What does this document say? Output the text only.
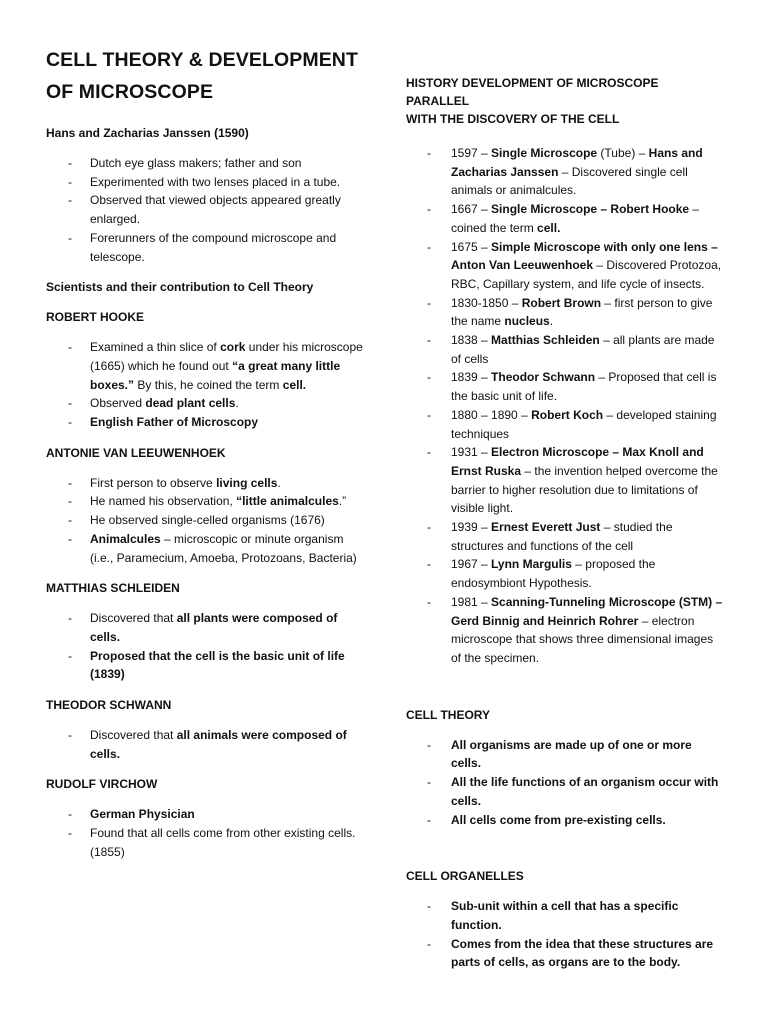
CELL THEORY & DEVELOPMENT
OF MICROSCOPE
Hans and Zacharias Janssen (1590)
- Dutch eye glass makers; father and son
- Experimented with two lenses placed in a tube.
- Observed that viewed objects appeared greatly enlarged.
- Forerunners of the compound microscope and telescope.
Scientists and their contribution to Cell Theory
ROBERT HOOKE
- Examined a thin slice of cork under his microscope (1665) which he found out “a great many little boxes.” By this, he coined the term cell.
- Observed dead plant cells.
- English Father of Microscopy
ANTONIE VAN LEEUWENHOEK
- First person to observe living cells.
- He named his observation, “little animalcules.”
- He observed single-celled organisms (1676)
- Animalcules – microscopic or minute organism (i.e., Paramecium, Amoeba, Protozoans, Bacteria)
MATTHIAS SCHLEIDEN
- Discovered that all plants were composed of cells.
- Proposed that the cell is the basic unit of life (1839)
THEODOR SCHWANN
- Discovered that all animals were composed of cells.
RUDOLF VIRCHOW
- German Physician
- Found that all cells come from other existing cells. (1855)
HISTORY DEVELOPMENT OF MICROSCOPE PARALLEL
WITH THE DISCOVERY OF THE CELL
- 1597 – Single Microscope (Tube) – Hans and Zacharias Janssen – Discovered single cell animals or animalcules.
- 1667 – Single Microscope – Robert Hooke – coined the term cell.
- 1675 – Simple Microscope with only one lens – Anton Van Leeuwenhoek – Discovered Protozoa, RBC, Capillary system, and life cycle of insects.
- 1830-1850 – Robert Brown – first person to give the name nucleus.
- 1838 – Matthias Schleiden – all plants are made of cells
- 1839 – Theodor Schwann – Proposed that cell is the basic unit of life.
- 1880 – 1890 – Robert Koch – developed staining techniques
- 1931 – Electron Microscope – Max Knoll and Ernst Ruska – the invention helped overcome the barrier to higher resolution due to limitations of visible light.
- 1939 – Ernest Everett Just – studied the structures and functions of the cell
- 1967 – Lynn Margulis – proposed the endosymbiont Hypothesis.
- 1981 – Scanning-Tunneling Microscope (STM) – Gerd Binnig and Heinrich Rohrer – electron microscope that shows three dimensional images of the specimen.
CELL THEORY
- All organisms are made up of one or more cells.
- All the life functions of an organism occur with cells.
- All cells come from pre-existing cells.
CELL ORGANELLES
- Sub-unit within a cell that has a specific function.
- Comes from the idea that these structures are parts of cells, as organs are to the body.
